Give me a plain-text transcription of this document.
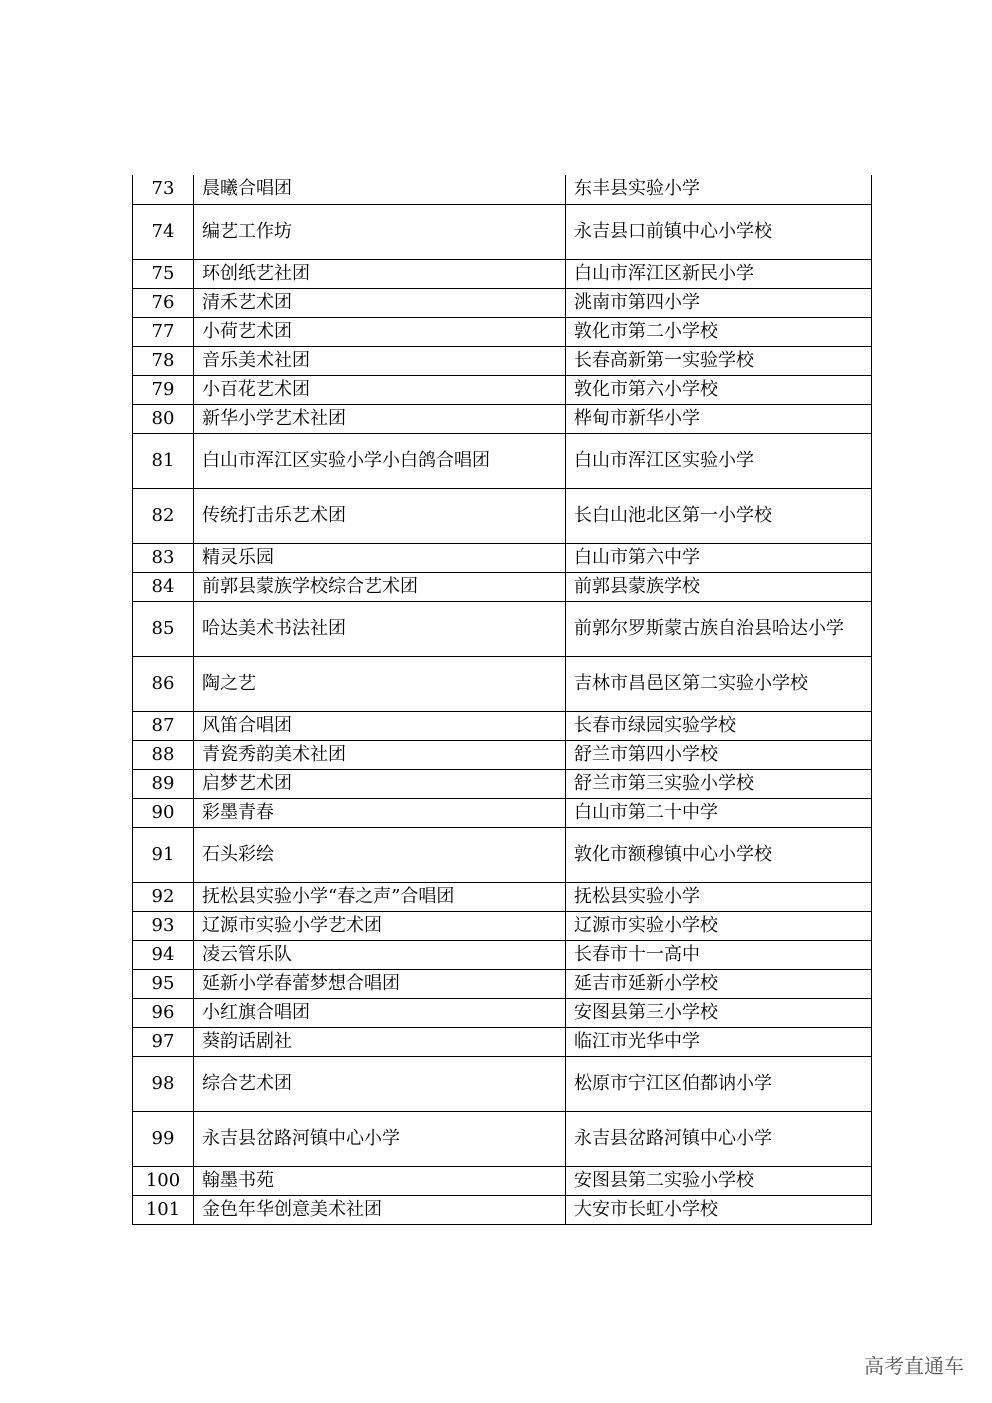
73	晨曦合唱团	东丰县实验小学
74	编艺工作坊	永吉县口前镇中心小学校
75	环创纸艺社团	白山市浑江区新民小学
76	清禾艺术团	洮南市第四小学
77	小荷艺术团	敦化市第二小学校
78	音乐美术社团	长春高新第一实验学校
79	小百花艺术团	敦化市第六小学校
80	新华小学艺术社团	桦甸市新华小学
81	白山市浑江区实验小学小白鸽合唱团	白山市浑江区实验小学
82	传统打击乐艺术团	长白山池北区第一小学校
83	精灵乐园	白山市第六中学
84	前郭县蒙族学校综合艺术团	前郭县蒙族学校
85	哈达美术书法社团	前郭尔罗斯蒙古族自治县哈达小学
86	陶之艺	吉林市昌邑区第二实验小学校
87	风笛合唱团	长春市绿园实验学校
88	青瓷秀韵美术社团	舒兰市第四小学校
89	启梦艺术团	舒兰市第三实验小学校
90	彩墨青春	白山市第二十中学
91	石头彩绘	敦化市额穆镇中心小学校
92	抚松县实验小学“春之声”合唱团	抚松县实验小学
93	辽源市实验小学艺术团	辽源市实验小学校
94	凌云管乐队	长春市十一高中
95	延新小学春蕾梦想合唱团	延吉市延新小学校
96	小红旗合唱团	安图县第三小学校
97	葵韵话剧社	临江市光华中学
98	综合艺术团	松原市宁江区伯都讷小学
99	永吉县岔路河镇中心小学	永吉县岔路河镇中心小学
100	翰墨书苑	安图县第二实验小学校
101	金色年华创意美术社团	大安市长虹小学校
高考直通车
